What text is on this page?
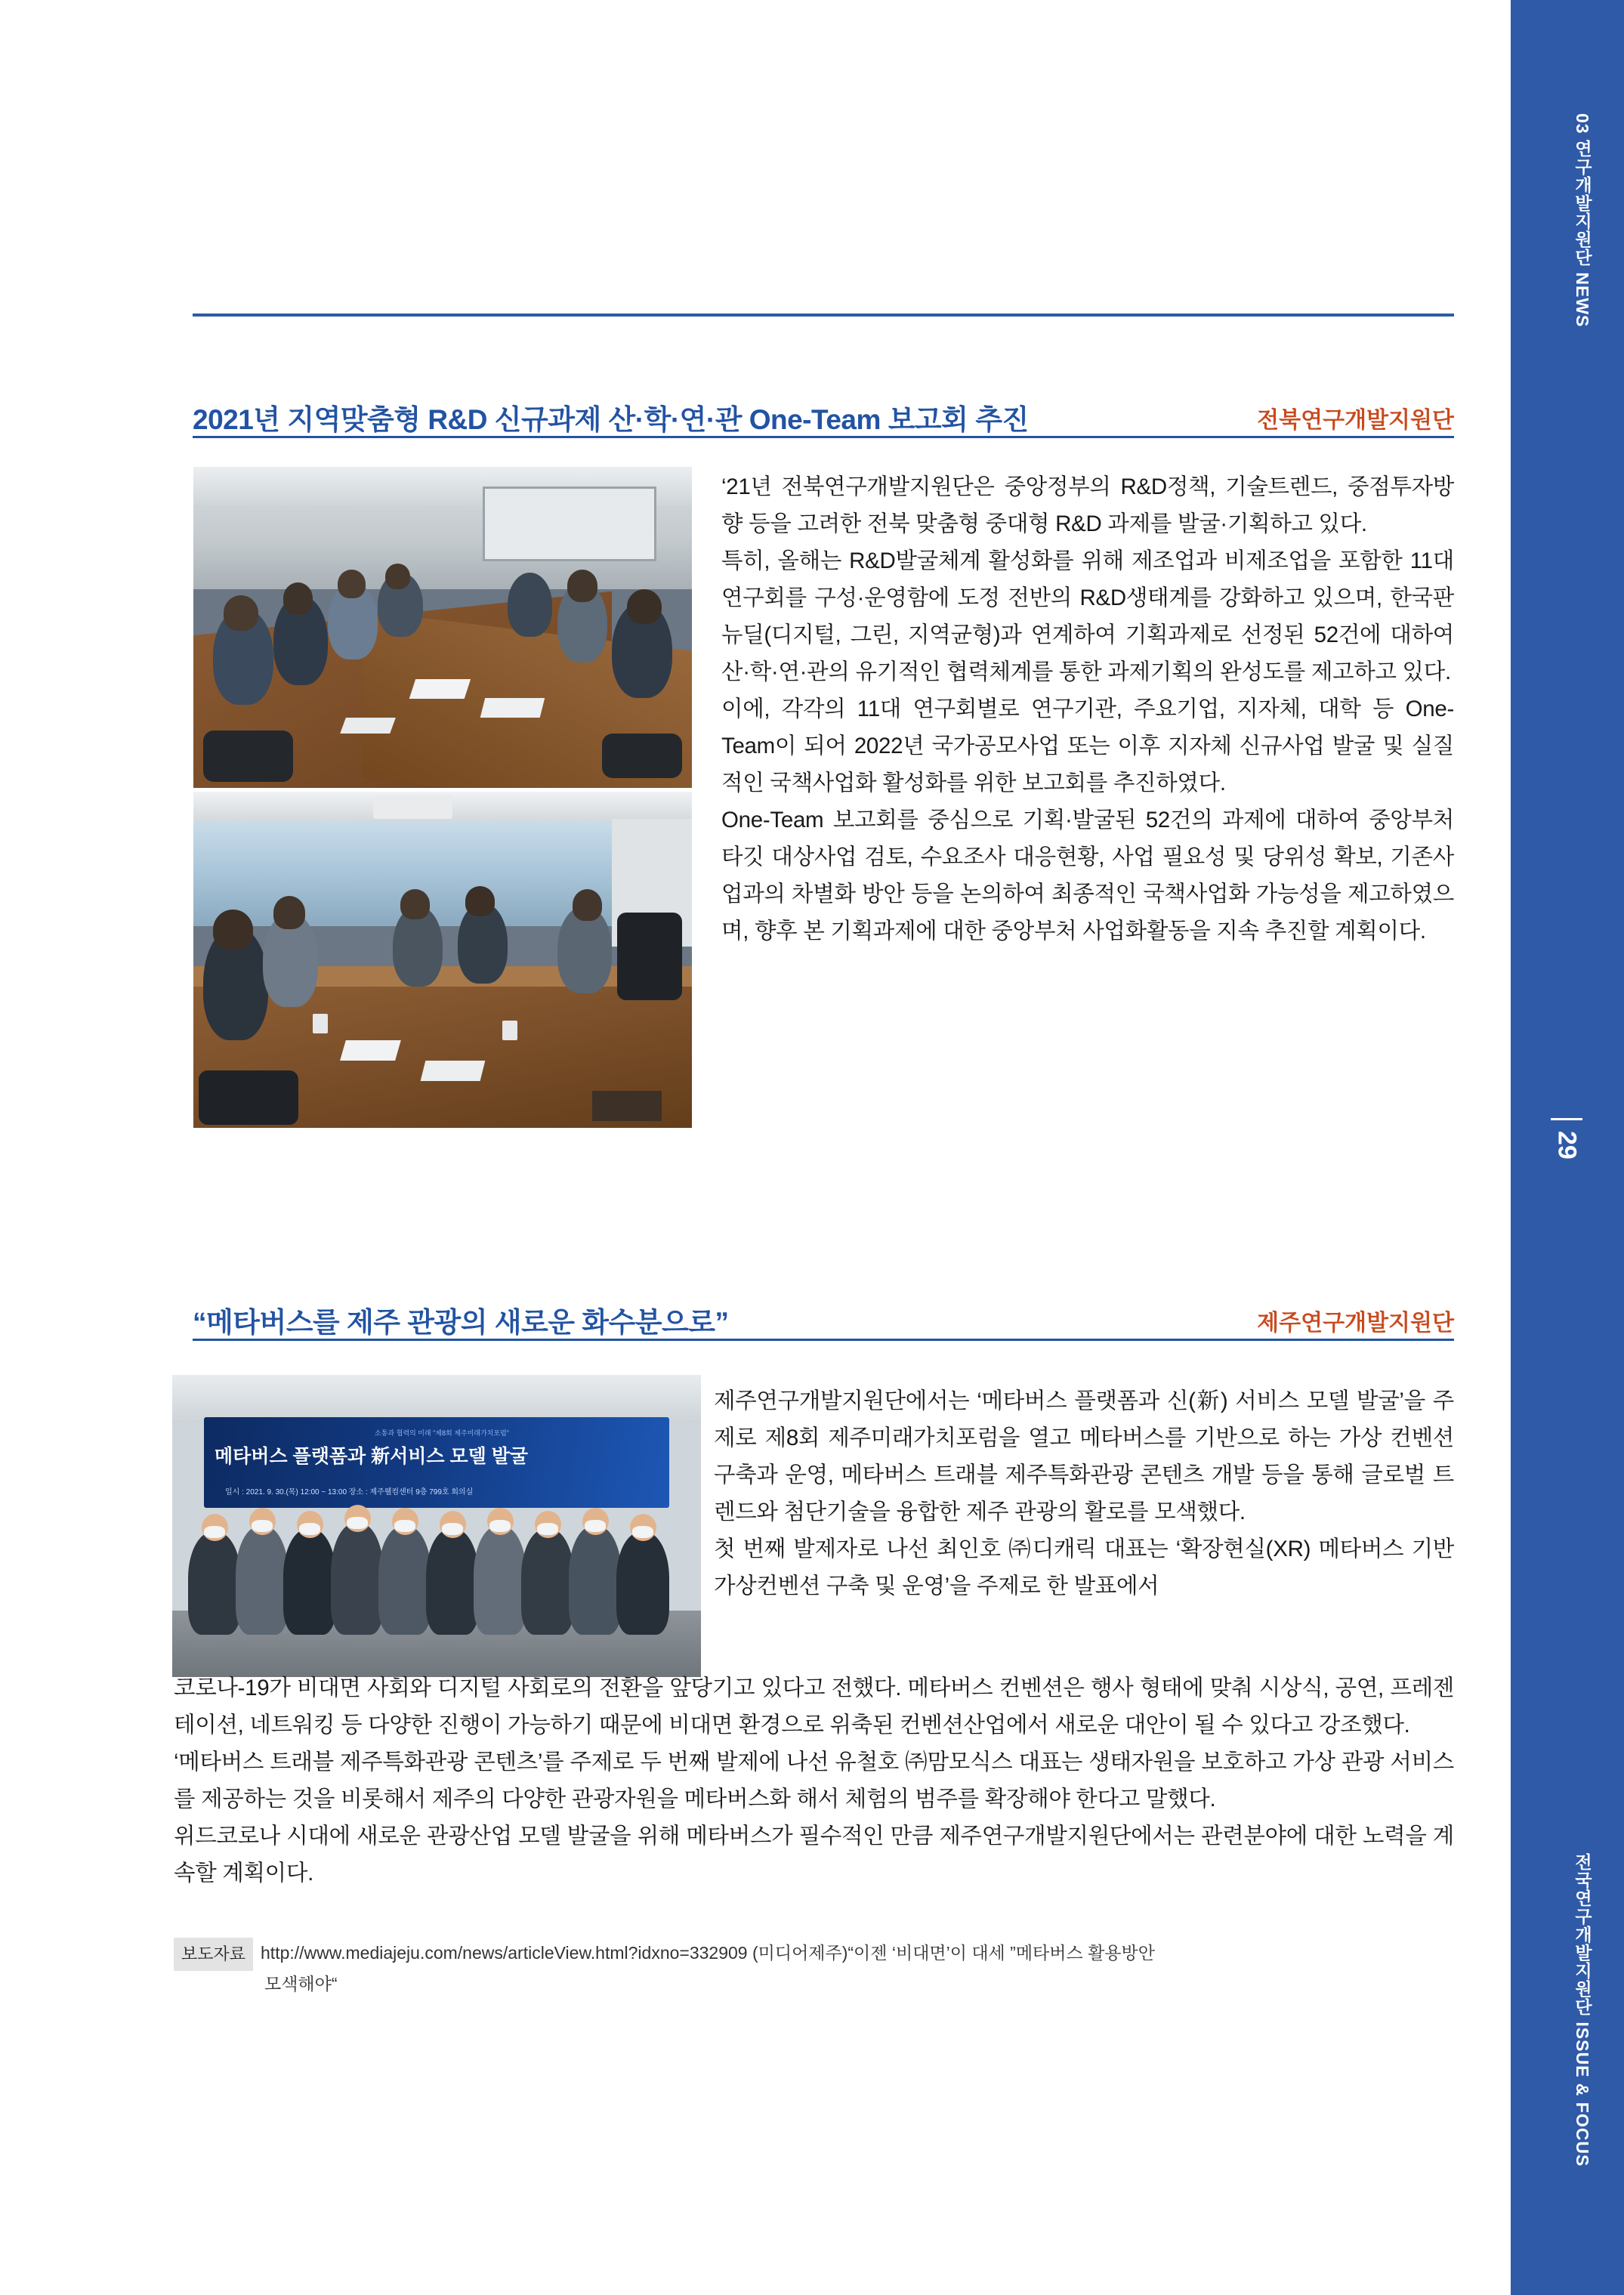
2021년 지역맞춤형 R&D 신규과제 산·학·연·관 One-Team 보고회 추진	전북연구개발지원단

‘21년 전북연구개발지원단은 중앙정부의 R&D정책, 기술트렌드, 중점투자방향 등을 고려한 전북 맞춤형 중대형 R&D 과제를 발굴·기획하고 있다.

특히, 올해는 R&D발굴체계 활성화를 위해 제조업과 비제조업을 포함한 11대 연구회를 구성·운영함에 도정 전반의 R&D생태계를 강화하고 있으며, 한국판 뉴딜(디지털, 그린, 지역균형)과 연계하여 기획과제로 선정된 52건에 대하여 산·학·연·관의 유기적인 협력체계를 통한 과제기획의 완성도를 제고하고 있다.

이에, 각각의 11대 연구회별로 연구기관, 주요기업, 지자체, 대학 등 One-Team이 되어 2022년 국가공모사업 또는 이후 지자체 신규사업 발굴 및 실질적인 국책사업화 활성화를 위한 보고회를 추진하였다.

One-Team 보고회를 중심으로 기획·발굴된 52건의 과제에 대하여 중앙부처 타깃 대상사업 검토, 수요조사 대응현황, 사업 필요성 및 당위성 확보, 기존사업과의 차별화 방안 등을 논의하여 최종적인 국책사업화 가능성을 제고하였으며, 향후 본 기획과제에 대한 중앙부처 사업화활동을 지속 추진할 계획이다.

“메타버스를 제주 관광의 새로운 화수분으로”	제주연구개발지원단
소통과 협력의 미래 "제8회 제주미래가치포럼"
메타버스 플랫폼과 新서비스 모델 발굴
일시 : 2021. 9. 30.(목) 12:00 ~ 13:00 장소 : 제주웰컴센터 9층 799호 회의실

제주연구개발지원단에서는 ‘메타버스 플랫폼과 신(新) 서비스 모델 발굴’을 주제로 제8회 제주미래가치포럼을 열고 메타버스를 기반으로 하는 가상 컨벤션 구축과 운영, 메타버스 트래블 제주특화관광 콘텐츠 개발 등을 통해 글로벌 트렌드와 첨단기술을 융합한 제주 관광의 활로를 모색했다.

첫 번째 발제자로 나선 최인호 ㈜디캐릭 대표는 ‘확장현실(XR) 메타버스 기반 가상컨벤션 구축 및 운영’을 주제로 한 발표에서

코로나-19가 비대면 사회와 디지털 사회로의 전환을 앞당기고 있다고 전했다. 메타버스 컨벤션은 행사 형태에 맞춰 시상식, 공연, 프레젠테이션, 네트워킹 등 다양한 진행이 가능하기 때문에 비대면 환경으로 위축된 컨벤션산업에서 새로운 대안이 될 수 있다고 강조했다.

‘메타버스 트래블 제주특화관광 콘텐츠’를 주제로 두 번째 발제에 나선 유철호 ㈜맘모식스 대표는 생태자원을 보호하고 가상 관광 서비스를 제공하는 것을 비롯해서 제주의 다양한 관광자원을 메타버스화 해서 체험의 범주를 확장해야 한다고 말했다.

위드코로나 시대에 새로운 관광산업 모델 발굴을 위해 메타버스가 필수적인 만큼 제주연구개발지원단에서는 관련분야에 대한 노력을 계속할 계획이다.

보도자료 http://www.mediajeju.com/news/articleView.html?idxno=332909 (미디어제주)“이젠 ‘비대면’이 대세 ”메타버스 활용방안
모색해야“
03 연구개발지원단 NEWS
29
전국연구개발지원단 ISSUE & FOCUS
